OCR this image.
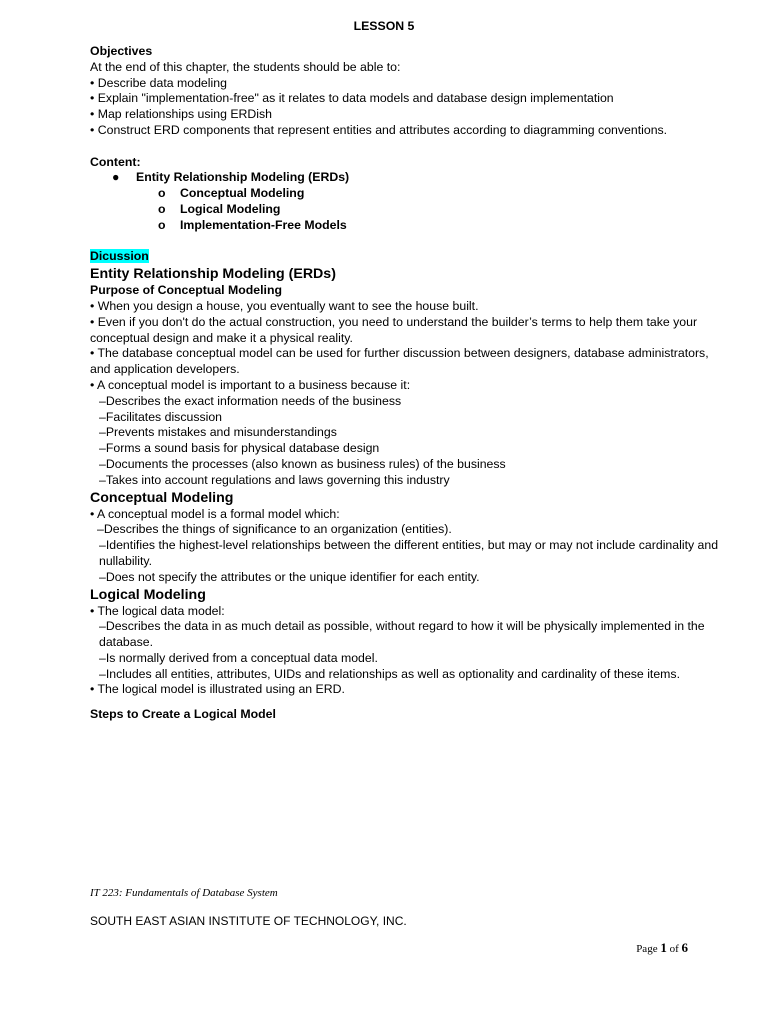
LESSON 5

Objectives

At the end of this chapter, the students should be able to:

• Describe data modeling

• Explain "implementation-free" as it relates to data models and database design implementation

• Map relationships using ERDish

• Construct ERD components that represent entities and attributes according to diagramming conventions.

Content:

● Entity Relationship Modeling (ERDs)

o Conceptual Modeling

o Logical Modeling

o Implementation-Free Models

Dicussion

Entity Relationship Modeling (ERDs)

Purpose of Conceptual Modeling

• When you design a house, you eventually want to see the house built.

• Even if you don't do the actual construction, you need to understand the builder’s terms to help them take your conceptual design and make it a physical reality.

• The database conceptual model can be used for further discussion between designers, database administrators, and application developers.

• A conceptual model is important to a business because it:

–Describes the exact information needs of the business

–Facilitates discussion

–Prevents mistakes and misunderstandings

–Forms a sound basis for physical database design

–Documents the processes (also known as business rules) of the business

–Takes into account regulations and laws governing this industry

Conceptual Modeling

• A conceptual model is a formal model which:

–Describes the things of significance to an organization (entities).

–Identifies the highest-level relationships between the different entities, but may or may not include cardinality and nullability.

–Does not specify the attributes or the unique identifier for each entity.

Logical Modeling

• The logical data model:

–Describes the data in as much detail as possible, without regard to how it will be physically implemented in the database.

–Is normally derived from a conceptual data model.

–Includes all entities, attributes, UIDs and relationships as well as optionality and cardinality of these items.

• The logical model is illustrated using an ERD.

Steps to Create a Logical Model

IT 223: Fundamentals of Database System
SOUTH EAST ASIAN INSTITUTE OF TECHNOLOGY, INC.
Page 1 of 6
